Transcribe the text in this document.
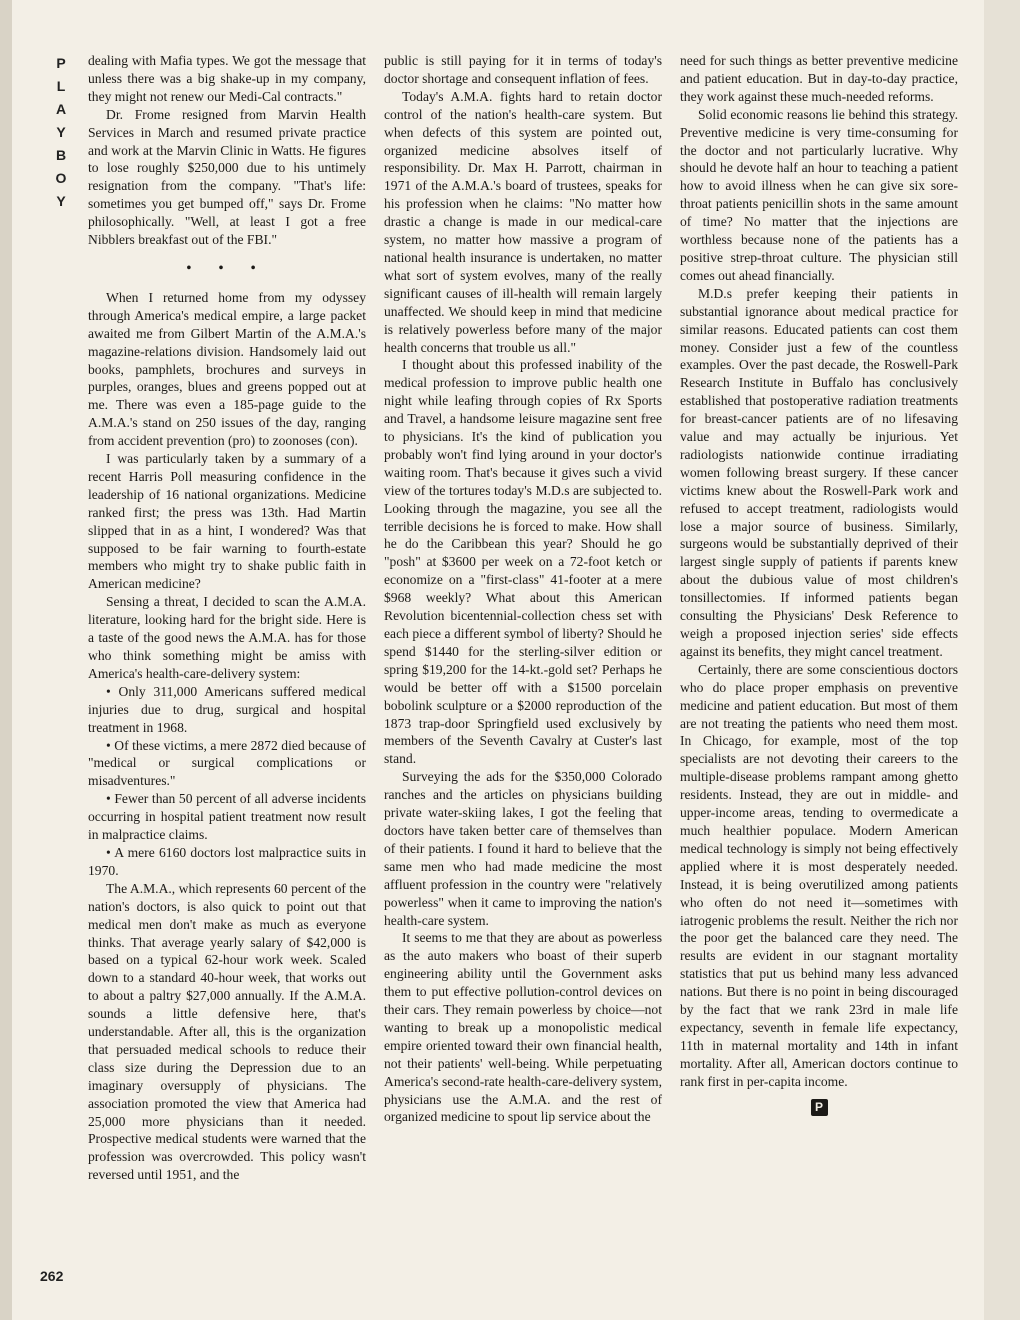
P
L
A
Y
B
O
Y
262

dealing with Mafia types. We got the message that unless there was a big shake-up in my company, they might not renew our Medi-Cal contracts."

Dr. Frome resigned from Marvin Health Services in March and resumed private practice and work at the Marvin Clinic in Watts. He figures to lose roughly $250,000 due to his untimely resignation from the company. "That's life: sometimes you get bumped off," says Dr. Frome philosophically. "Well, at least I got a free Nibblers breakfast out of the FBI."

• • •

When I returned home from my odyssey through America's medical empire, a large packet awaited me from Gilbert Martin of the A.M.A.'s magazine-relations division. Handsomely laid out books, pamphlets, brochures and surveys in purples, oranges, blues and greens popped out at me. There was even a 185-page guide to the A.M.A.'s stand on 250 issues of the day, ranging from accident prevention (pro) to zoonoses (con).

I was particularly taken by a summary of a recent Harris Poll measuring confidence in the leadership of 16 national organizations. Medicine ranked first; the press was 13th. Had Martin slipped that in as a hint, I wondered? Was that supposed to be fair warning to fourth-estate members who might try to shake public faith in American medicine?

Sensing a threat, I decided to scan the A.M.A. literature, looking hard for the bright side. Here is a taste of the good news the A.M.A. has for those who think something might be amiss with America's health-care-delivery system:

• Only 311,000 Americans suffered medical injuries due to drug, surgical and hospital treatment in 1968.

• Of these victims, a mere 2872 died because of "medical or surgical complications or misadventures."

• Fewer than 50 percent of all adverse incidents occurring in hospital patient treatment now result in malpractice claims.

• A mere 6160 doctors lost malpractice suits in 1970.

The A.M.A., which represents 60 percent of the nation's doctors, is also quick to point out that medical men don't make as much as everyone thinks. That average yearly salary of $42,000 is based on a typical 62-hour work week. Scaled down to a standard 40-hour week, that works out to about a paltry $27,000 annually. If the A.M.A. sounds a little defensive here, that's understandable. After all, this is the organization that persuaded medical schools to reduce their class size during the Depression due to an imaginary oversupply of physicians. The association promoted the view that America had 25,000 more physicians than it needed. Prospective medical students were warned that the profession was overcrowded. This policy wasn't reversed until 1951, and the

public is still paying for it in terms of today's doctor shortage and consequent inflation of fees.

Today's A.M.A. fights hard to retain doctor control of the nation's health-care system. But when defects of this system are pointed out, organized medicine absolves itself of responsibility. Dr. Max H. Parrott, chairman in 1971 of the A.M.A.'s board of trustees, speaks for his profession when he claims: "No matter how drastic a change is made in our medical-care system, no matter how massive a program of national health insurance is undertaken, no matter what sort of system evolves, many of the really significant causes of ill-health will remain largely unaffected. We should keep in mind that medicine is relatively powerless before many of the major health concerns that trouble us all."

I thought about this professed inability of the medical profession to improve public health one night while leafing through copies of Rx Sports and Travel, a handsome leisure magazine sent free to physicians. It's the kind of publication you probably won't find lying around in your doctor's waiting room. That's because it gives such a vivid view of the tortures today's M.D.s are subjected to. Looking through the magazine, you see all the terrible decisions he is forced to make. How shall he do the Caribbean this year? Should he go "posh" at $3600 per week on a 72-foot ketch or economize on a "first-class" 41-footer at a mere $968 weekly? What about this American Revolution bicentennial-collection chess set with each piece a different symbol of liberty? Should he spend $1440 for the sterling-silver edition or spring $19,200 for the 14-kt.-gold set? Perhaps he would be better off with a $1500 porcelain bobolink sculpture or a $2000 reproduction of the 1873 trap-door Springfield used exclusively by members of the Seventh Cavalry at Custer's last stand.

Surveying the ads for the $350,000 Colorado ranches and the articles on physicians building private water-skiing lakes, I got the feeling that doctors have taken better care of themselves than of their patients. I found it hard to believe that the same men who had made medicine the most affluent profession in the country were "relatively powerless" when it came to improving the nation's health-care system.

It seems to me that they are about as powerless as the auto makers who boast of their superb engineering ability until the Government asks them to put effective pollution-control devices on their cars. They remain powerless by choice—not wanting to break up a monopolistic medical empire oriented toward their own financial health, not their patients' well-being. While perpetuating America's second-rate health-care-delivery system, physicians use the A.M.A. and the rest of organized medicine to spout lip service about the

need for such things as better preventive medicine and patient education. But in day-to-day practice, they work against these much-needed reforms.

Solid economic reasons lie behind this strategy. Preventive medicine is very time-consuming for the doctor and not particularly lucrative. Why should he devote half an hour to teaching a patient how to avoid illness when he can give six sore-throat patients penicillin shots in the same amount of time? No matter that the injections are worthless because none of the patients has a positive strep-throat culture. The physician still comes out ahead financially.

M.D.s prefer keeping their patients in substantial ignorance about medical practice for similar reasons. Educated patients can cost them money. Consider just a few of the countless examples. Over the past decade, the Roswell-Park Research Institute in Buffalo has conclusively established that postoperative radiation treatments for breast-cancer patients are of no lifesaving value and may actually be injurious. Yet radiologists nationwide continue irradiating women following breast surgery. If these cancer victims knew about the Roswell-Park work and refused to accept treatment, radiologists would lose a major source of business. Similarly, surgeons would be substantially deprived of their largest single supply of patients if parents knew about the dubious value of most children's tonsillectomies. If informed patients began consulting the Physicians' Desk Reference to weigh a proposed injection series' side effects against its benefits, they might cancel treatment.

Certainly, there are some conscientious doctors who do place proper emphasis on preventive medicine and patient education. But most of them are not treating the patients who need them most. In Chicago, for example, most of the top specialists are not devoting their careers to the multiple-disease problems rampant among ghetto residents. Instead, they are out in middle- and upper-income areas, tending to overmedicate a much healthier populace. Modern American medical technology is simply not being effectively applied where it is most desperately needed. Instead, it is being overutilized among patients who often do not need it—sometimes with iatrogenic problems the result. Neither the rich nor the poor get the balanced care they need. The results are evident in our stagnant mortality statistics that put us behind many less advanced nations. But there is no point in being discouraged by the fact that we rank 23rd in male life expectancy, seventh in female life expectancy, 11th in maternal mortality and 14th in infant mortality. After all, American doctors continue to rank first in per-capita income.

P
